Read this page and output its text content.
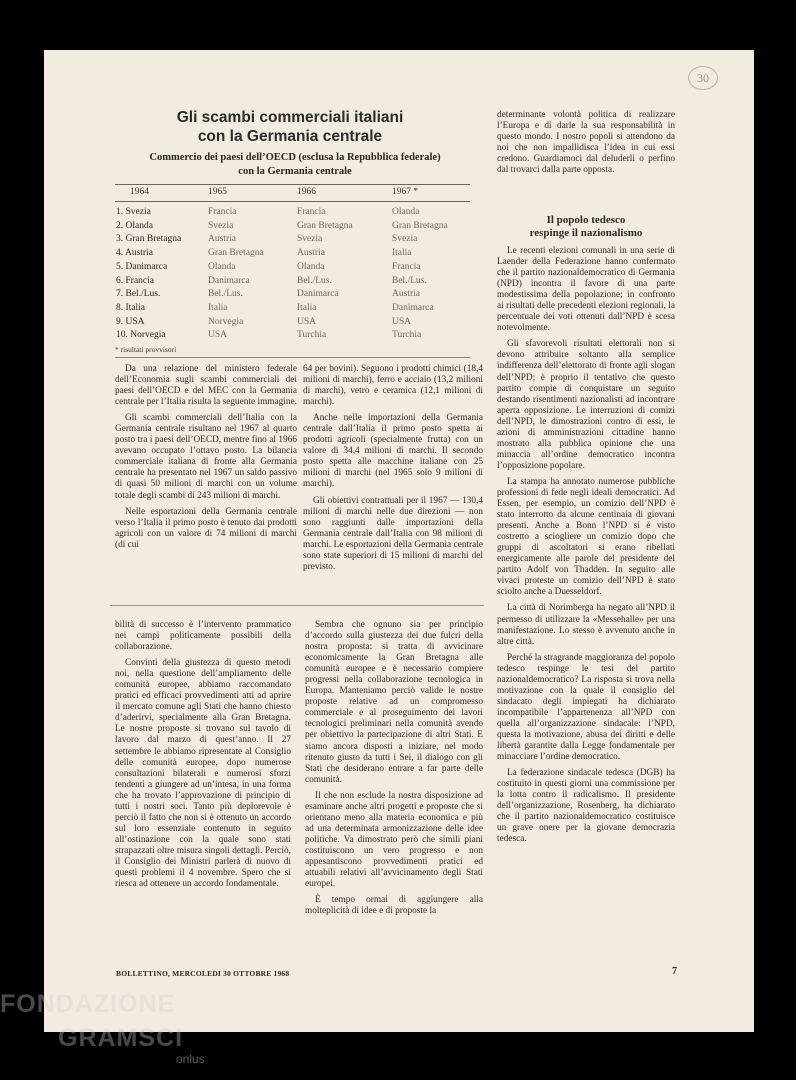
30
Gli scambi commerciali italiani
con la Germania centrale
Commercio dei paesi dell’OECD (esclusa la Repubblica federale)
con la Germania centrale
1964	1965	1966	1967 *
1. Svezia	Francia	Francia	Olanda
2. Olanda	Svezia	Gran Bretagna	Gran Bretagna
3. Gran Bretagna	Austria	Svezia	Svezia
4. Austria	Gran Bretagna	Austria	Italia
5. Danimarca	Olanda	Olanda	Francia
6. Francia	Danimarca	Bel./Lus.	Bel./Lus.
7. Bel./Lus.	Bel./Lus.	Danimarca	Austria
8. Italia	Italia	Italia	Danimarca
9. USA	Norvegia	USA	USA
10. Norvegia	USA	Turchia	Turchia
* risultati provvisori

Da una relazione del ministero federale dell’Economia sugli scambi commerciali dei paesi dell’OECD e del MEC con la Germania centrale per l’Italia risulta la seguente immagine.

Gli scambi commerciali dell’Italia con la Germania centrale risultano nel 1967 al quarto posto tra i paesi dell’OECD, mentre fino al 1966 avevano occupato l’ottavo posto. La bilancia commerciale italiana di fronte alla Germania centrale ha presentato nel 1967 un saldo passivo di quasi 50 milioni di marchi con un volume totale degli scambi di 243 milioni di marchi.

Nelle esportazioni della Germania centrale verso l’Italia il primo posto è tenuto dai prodotti agricoli con un valore di 74 milioni di marchi (di cui

64 per bovini). Seguono i prodotti chimici (18,4 milioni di marchi), ferro e acciaio (13,2 milioni di marchi), vetro e ceramica (12,1 milioni di marchi).

Anche nelle importazioni della Germania centrale dall’Italia il primo posto spetta ai prodotti agricoli (specialmente frutta) con un valore di 34,4 milioni di marchi. Il secondo posto spetta alle macchine italiane con 25 milioni di marchi (nel 1965 solo 9 milioni di marchi).

Gli obiettivi contrattuali per il 1967 — 130,4 milioni di marchi nelle due direzioni — non sono raggiunti dalle importazioni della Germania centrale dall’Italia con 98 milioni di marchi. Le esportazioni della Germania centrale sono state superiori di 15 milioni di marchi del previsto.

determinante volontà politica di realizzare l’Europa e di darle la sua responsabilità in questo mondo. I nostro popoli si attendono da noi che non impallidisca l’idea in cui essi credono. Guardiamoci dal deluderli o perfino dal trovarci dalla parte opposta.

Il popolo tedesco
respinge il nazionalismo

Le recenti elezioni comunali in una serie di Laender della Federazione hanno confermato che il partito nazionaldemocratico di Germania (NPD) incontra il favore di una parte modestissima della popolazione; in confronto ai risultati delle precedenti elezioni regionali, la percentuale dei voti ottenuti dall’NPD è scesa notevolmente.

Gli sfavorevoli risultati elettorali non si devono attribuire soltanto alla semplice indifferenza dell’elettorato di fronte agli slogan dell’NPD; è proprio il tentativo che questo partito compie di conquistare un seguito destando risentimenti nazionalisti ad incontrare aperta opposizione. Le interruzioni di comizi dell’NPD, le dimostrazioni contro di essi, le azioni di amministrazioni cittadine hanno mostrato alla pubblica opinione che una minaccia all’ordine democratico incontra l’opposizione popolare.

La stampa ha annotato numerose pubbliche professioni di fede negli ideali democratici. Ad Essen, per esempio, un comizio dell’NPD è stato interrotto da alcune centinaia di giovani presenti. Anche a Bonn l’NPD si è visto costretto a sciogliere un comizio dopo che gruppi di ascoltatori si erano ribellati energicamente alle parole del presidente del partito Adolf von Thadden. In seguito alle vivaci proteste un comizio dell’NPD è stato sciolto anche a Duesseldorf.

La città di Norimberga ha negato all’NPD il permesso di utilizzare la «Messehalle» per una manifestazione. Lo stesso è avvenuto anche in altre città.

Perché la stragrande maggioranza del popolo tedesco respinge le tesi del partito nazionaldemocratico? La risposta si trova nella motivazione con la quale il consiglio del sindacato degli impiegati ha dichiarato incompatibile l’appartenenza all’NPD con quella all’organizzazione sindacale: l’NPD, questa la motivazione, abusa dei diritti e delle libertà garantite dalla Legge fondamentale per minacciare l’ordine democratico.

La federazione sindacale tedesca (DGB) ha costituito in questi giorni una commissione per la lotta contro il radicalismo. Il presidente dell’organizzazione, Rosenberg, ha dichiarato che il partito nazionaldemocratico costituisce un grave onere per la giovane democrazia tedesca.

bilità di successo è l’intervento prammatico nei campi politicamente possibili della collaborazione.

Convinti della giustezza di questo metodi noi, nella questione dell’ampliamento delle comunità europee, abbiamo raccomandato pratici ed efficaci provvedimenti atti ad aprire il mercato comune agli Stati che hanno chiesto d’aderirvi, specialmente alla Gran Bretagna. Le nostre proposte si trovano sul tavolo di lavoro dal marzo di quest’anno. Il 27 settembre le abbiamo ripresentate al Consiglio delle comunità europee, dopo numerose consultazioni bilaterali e numerosi sforzi tendenti a giungere ad un’intesa, in una forma che ha trovato l’approvazione di principio di tutti i nostri soci. Tanto più deplorevole è perciò il fatto che non si è ottenuto un accordo sul loro essenziale contenuto in seguito all’ostinazione con la quale sono stati strapazzati oltre misura singoli dettagli. Perciò, il Consiglio dei Ministri parlerà di nuovo di questi problemi il 4 novembre. Spero che si riesca ad ottenere un accordo fondamentale.

Sembra che ognuno sia per principio d’accordo sulla giustezza dei due fulcri della nostra proposta: si tratta di avvicinare economicamente la Gran Bretagna alle comunità europee e è necessario compiere progressi nella collaborazione tecnologica in Europa. Manteniamo perciò valide le nostre proposte relative ad un compromesso commerciale e al proseguimento dei lavori tecnologici preliminari nella comunità avendo per obiettivo la partecipazione di altri Stati. E siamo ancora disposti a iniziare, nel modo ritenuto giusto da tutti i Sei, il dialogo con gli Stati che desiderano entrare a far parte delle comunità.

Il che non esclude la nostra disposizione ad esaminare anche altri progetti e proposte che si orientano meno alla materia economica e più ad una determinata armonizzazione delle idee politiche. Va dimostrato però che simili piani costituiscono un vero progresso e non appesantiscono provvedimenti pratici ed attuabili relativi all’avvicinamento degli Stati europei.

È tempo ormai di aggiungere alla molteplicità di idee e di proposte la

BOLLETTINO, MERCOLEDI 30 OTTOBRE 1968	7
FONDAZIONE
GRAMSCI
onlus
